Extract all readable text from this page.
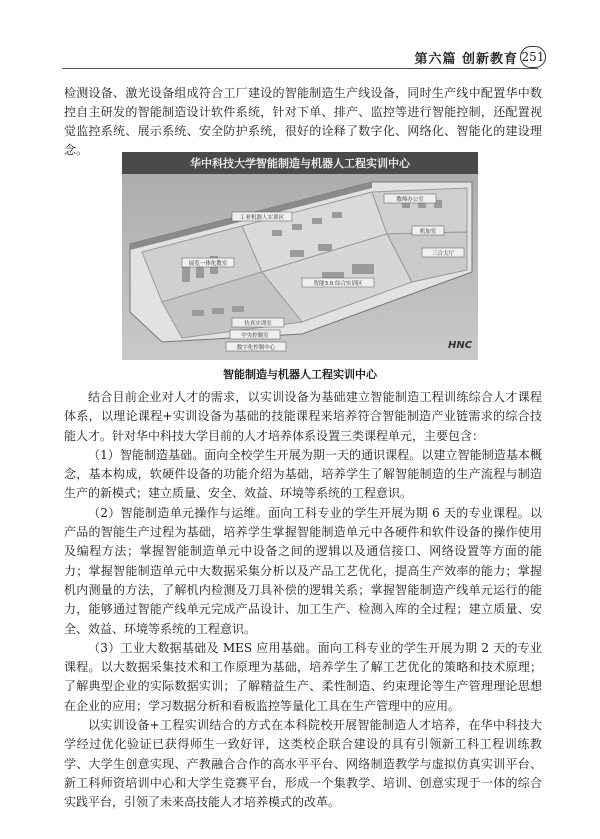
第六篇 创新教育 251

检测设备、激光设备组成符合工厂建设的智能制造生产线设备，同时生产线中配置华中数控自主研发的智能制造设计软件系统，针对下单、排产、监控等进行智能控制，还配置视觉监控系统、展示系统、安全防护系统，很好的诠释了数字化、网络化、智能化的建设理念。

华中科技大学智能制造与机器人工程实训中心
展览一体化教室
工业机器人实训区
教师办公室
智能3.0 综合实训区
三合大厅
机加室
仿真实训室
中央控制室
数字化控制中心	HNC
智能制造与机器人工程实训中心

结合目前企业对人才的需求，以实训设备为基础建立智能制造工程训练综合人才课程体系，以理论课程+实训设备为基础的技能课程来培养符合智能制造产业链需求的综合技能人才。针对华中科技大学目前的人才培养体系设置三类课程单元，主要包含：

（1）智能制造基础。面向全校学生开展为期一天的通识课程。以建立智能制造基本概念，基本构成，软硬件设备的功能介绍为基础，培养学生了解智能制造的生产流程与制造生产的新模式；建立质量、安全、效益、环境等系统的工程意识。

（2）智能制造单元操作与运维。面向工科专业的学生开展为期 6 天的专业课程。以产品的智能生产过程为基础，培养学生掌握智能制造单元中各硬件和软件设备的操作使用及编程方法；掌握智能制造单元中设备之间的逻辑以及通信接口、网络设置等方面的能力；掌握智能制造单元中大数据采集分析以及产品工艺优化，提高生产效率的能力；掌握机内测量的方法，了解机内检测及刀具补偿的逻辑关系；掌握智能制造产线单元运行的能力，能够通过智能产线单元完成产品设计、加工生产、检测入库的全过程；建立质量、安全、效益、环境等系统的工程意识。

（3）工业大数据基础及 MES 应用基础。面向工科专业的学生开展为期 2 天的专业课程。以大数据采集技术和工作原理为基础，培养学生了解工艺优化的策略和技术原理；了解典型企业的实际数据实训；了解精益生产、柔性制造、约束理论等生产管理理论思想在企业的应用；学习数据分析和看板监控等量化工具在生产管理中的应用。

以实训设备+工程实训结合的方式在本科院校开展智能制造人才培养，在华中科技大学经过优化验证已获得师生一致好评，这类校企联合建设的具有引领新工科工程训练教学、大学生创意实现、产教融合合作的高水平平台、网络制造教学与虚拟仿真实训平台、新工科师资培训中心和大学生竞赛平台，形成一个集教学、培训、创意实现于一体的综合实践平台，引领了未来高技能人才培养模式的改革。
